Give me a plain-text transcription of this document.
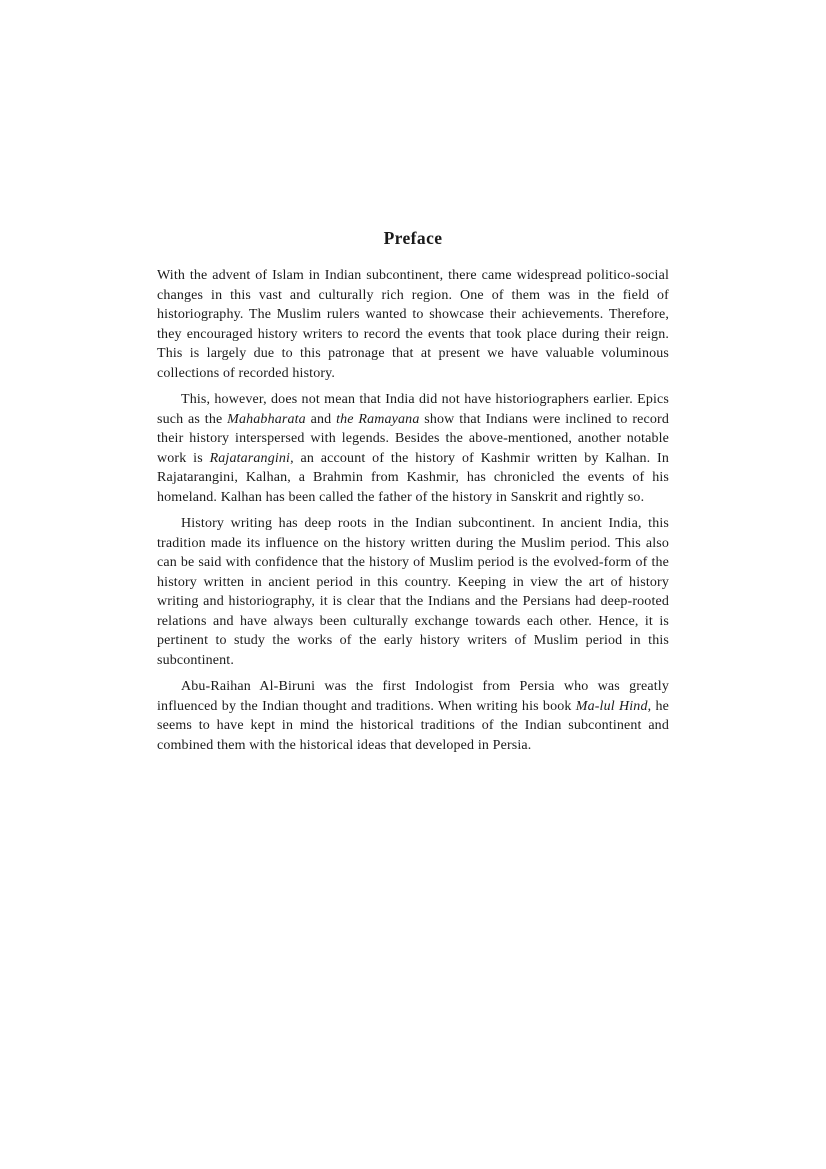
Preface

With the advent of Islam in Indian subcontinent, there came widespread politico-social changes in this vast and culturally rich region. One of them was in the field of historiography. The Muslim rulers wanted to showcase their achievements. Therefore, they encouraged history writers to record the events that took place during their reign. This is largely due to this patronage that at present we have valuable voluminous collections of recorded history.

This, however, does not mean that India did not have historiographers earlier. Epics such as the Mahabharata and the Ramayana show that Indians were inclined to record their history interspersed with legends. Besides the above-mentioned, another notable work is Rajatarangini, an account of the history of Kashmir written by Kalhan. In Rajatarangini, Kalhan, a Brahmin from Kashmir, has chronicled the events of his homeland. Kalhan has been called the father of the history in Sanskrit and rightly so.

History writing has deep roots in the Indian subcontinent. In ancient India, this tradition made its influence on the history written during the Muslim period. This also can be said with confidence that the history of Muslim period is the evolved-form of the history written in ancient period in this country. Keeping in view the art of history writing and historiography, it is clear that the Indians and the Persians had deep-rooted relations and have always been culturally exchange towards each other. Hence, it is pertinent to study the works of the early history writers of Muslim period in this subcontinent.

Abu-Raihan Al-Biruni was the first Indologist from Persia who was greatly influenced by the Indian thought and traditions. When writing his book Ma-lul Hind, he seems to have kept in mind the historical traditions of the Indian subcontinent and combined them with the historical ideas that developed in Persia.
